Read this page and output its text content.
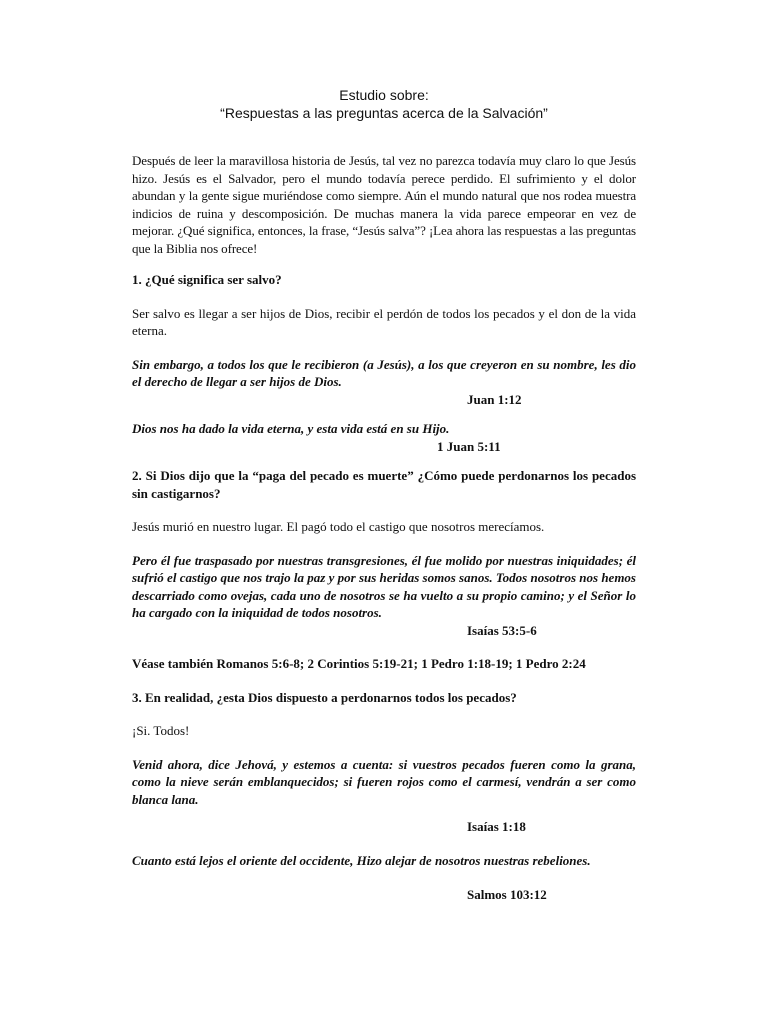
Estudio sobre:

“Respuestas a las preguntas acerca de la Salvación”

Después de leer la maravillosa historia de Jesús, tal vez no parezca todavía muy claro lo que Jesús hizo. Jesús es el Salvador, pero el mundo todavía perece perdido. El sufrimiento y el dolor abundan y la gente sigue muriéndose como siempre. Aún el mundo natural que nos rodea muestra indicios de ruina y descomposición. De muchas manera la vida parece empeorar en vez de mejorar. ¿Qué significa, entonces, la frase, “Jesús salva”? ¡Lea ahora las respuestas a las preguntas que la Biblia nos ofrece!

1. ¿Qué significa ser salvo?

Ser salvo es llegar a ser hijos de Dios, recibir el perdón de todos los pecados y el don de la vida eterna.

Sin embargo, a todos los que le recibieron (a Jesús), a los que creyeron en su nombre, les dio el derecho de llegar a ser hijos de Dios.

Juan 1:12

Dios nos ha dado la vida eterna, y esta vida está en su Hijo.

1 Juan 5:11

2. Si Dios dijo que la “paga del pecado es muerte” ¿Cómo puede perdonarnos los pecados sin castigarnos?

Jesús murió en nuestro lugar. El pagó todo el castigo que nosotros merecíamos.

Pero él fue traspasado por nuestras transgresiones, él fue molido por nuestras iniquidades; él sufrió el castigo que nos trajo la paz y por sus heridas somos sanos. Todos nosotros nos hemos descarriado como ovejas, cada uno de nosotros se ha vuelto a su propio camino; y el Señor lo ha cargado con la iniquidad de todos nosotros.

Isaías 53:5-6

Véase también Romanos 5:6-8; 2 Corintios 5:19-21; 1 Pedro 1:18-19; 1 Pedro 2:24

3. En realidad, ¿esta Dios dispuesto a perdonarnos todos los pecados?

¡Si. Todos!

Venid ahora, dice Jehová, y estemos a cuenta: si vuestros pecados fueren como la grana, como la nieve serán emblanquecidos; si fueren rojos como el carmesí, vendrán a ser como blanca lana.

Isaías 1:18

Cuanto está lejos el oriente del occidente, Hizo alejar de nosotros nuestras rebeliones.

Salmos 103:12
